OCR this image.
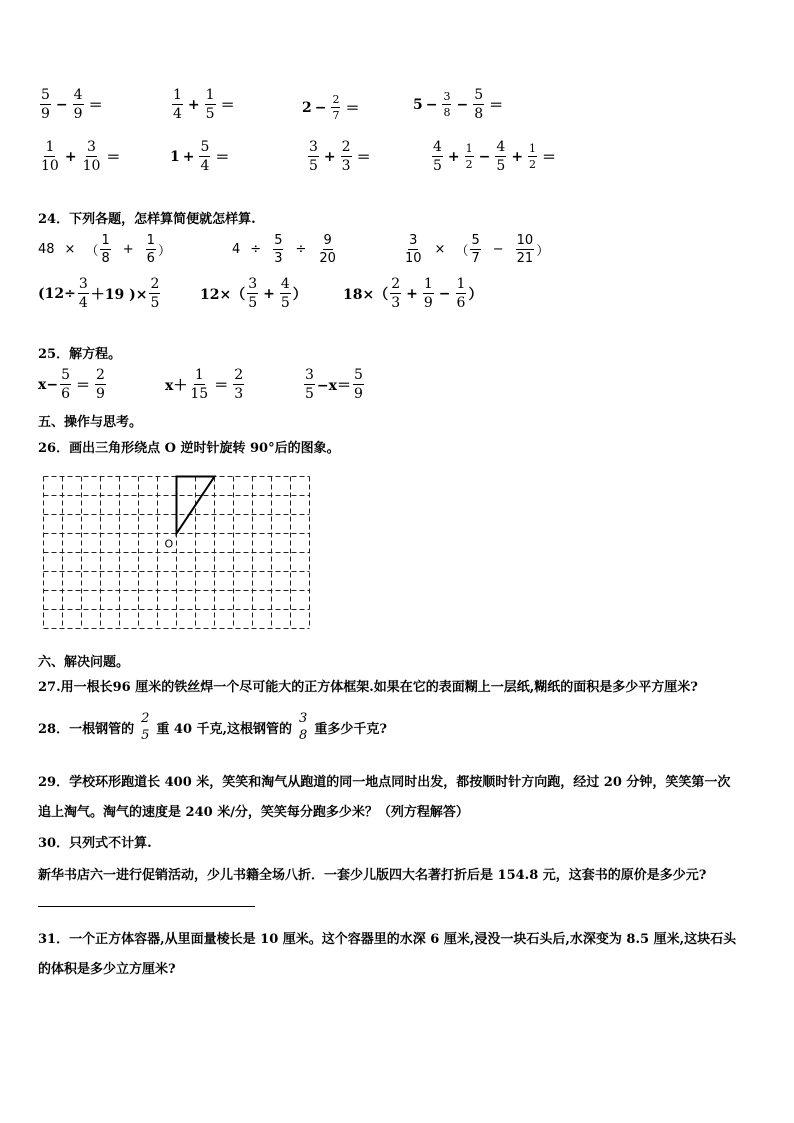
$\frac{5}{9} - \frac{4}{9}$ ＝	$\frac{1}{4} + \frac{1}{5}$ ＝	$2 - \frac{2}{7}$ ＝	$5 - \frac{3}{8} - \frac{5}{8}$ ＝
$\frac{1}{10} + \frac{3}{10}$ ＝	$1 + \frac{5}{4}$ ＝	$\frac{3}{5} + \frac{2}{3}$ ＝	$\frac{4}{5} + \frac{1}{2} - \frac{4}{5} + \frac{1}{2}$ ＝
24．下列各题，怎样算简便就怎样算.
48 × （ $\frac{1}{8} + \frac{1}{6}$ ）	$4 \div \frac{5}{3} \div \frac{9}{20}$	$\frac{3}{10}$ × （ $\frac{5}{7} - \frac{10}{21}$ ）
($12\div \frac{3}{4} +19$ )× $\frac{2}{5}$	$12\times( \frac{3}{5} + \frac{4}{5}$ ）	$18\times( \frac{2}{3} + \frac{1}{9} - \frac{1}{6}$ ）
25．解方程。
$x- \frac{5}{6} = \frac{2}{9}$	$x+ \frac{1}{15} = \frac{2}{3}$	$\frac{3}{5} -x= \frac{5}{9}$
五、操作与思考。
26．画出三角形绕点 O 逆时针旋转 90°后的图象。
O
六、解决问题。
27.用一根长96 厘米的铁丝焊一个尽可能大的正方体框架.如果在它的表面糊上一层纸,糊纸的面积是多少平方厘米?
28．一根钢管的
2
5 重 40 千克,这根钢管的
3
8 重多少千克?
29．学校环形跑道长 400 米，笑笑和淘气从跑道的同一地点同时出发，都按顺时针方向跑，经过 20 分钟，笑笑第一次
追上淘气。淘气的速度是 240 米/分，笑笑每分跑多少米？（列方程解答）
30．只列式不计算.
新华书店六一进行促销活动，少儿书籍全场八折．一套少儿版四大名著打折后是 154.8 元，这套书的原价是多少元?
31．一个正方体容器,从里面量棱长是 10 厘米。这个容器里的水深 6 厘米,浸没一块石头后,水深变为 8.5 厘米,这块石头
的体积是多少立方厘米?
